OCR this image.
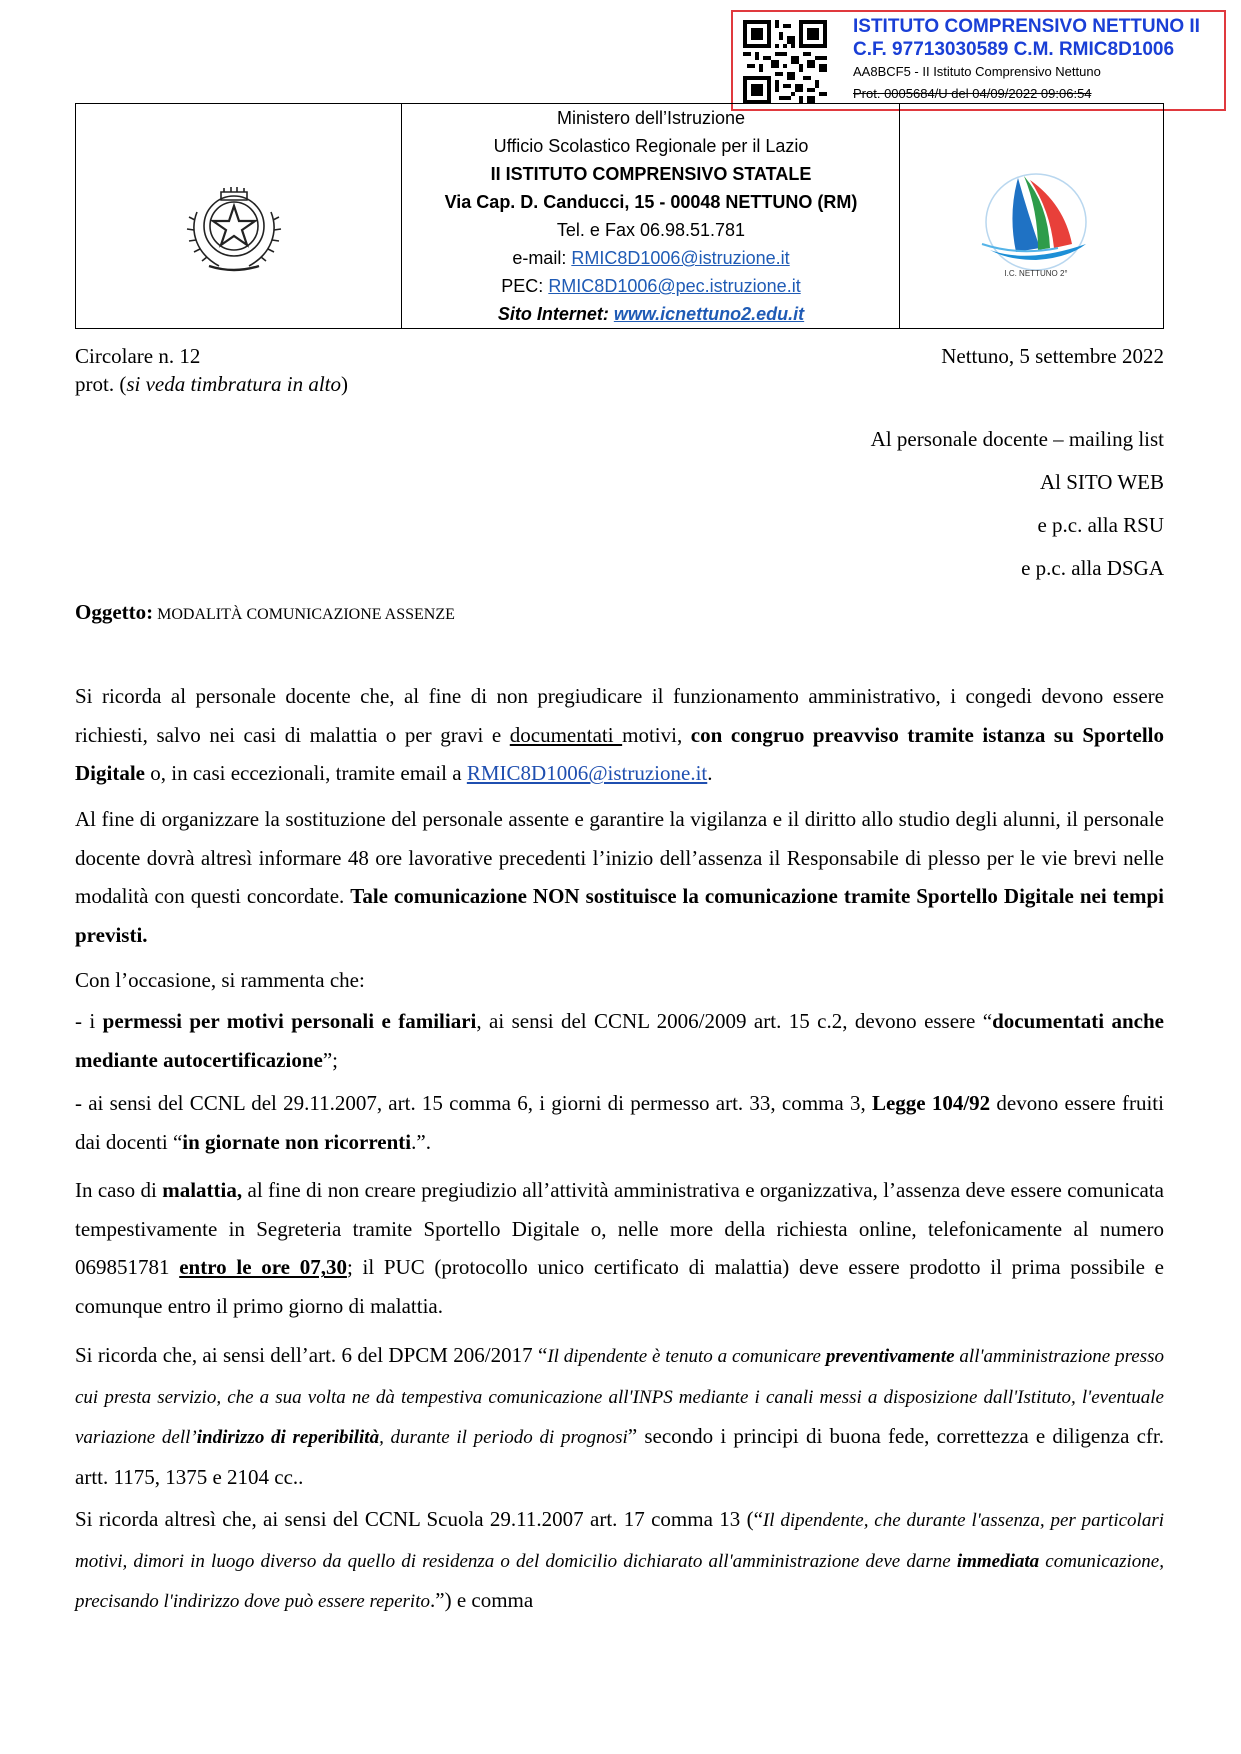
ISTITUTO COMPRENSIVO NETTUNO II
C.F. 97713030589 C.M. RMIC8D1006
AA8BCF5 - II Istituto Comprensivo Nettuno
Prot. 0005684/U del 04/09/2022 09:06:54
Ministero dell’Istruzione
Ufficio Scolastico Regionale per il Lazio
II ISTITUTO COMPRENSIVO STATALE
Via Cap. D. Canducci, 15 - 00048 NETTUNO (RM)
Tel. e Fax 06.98.51.781
e-mail: RMIC8D1006@istruzione.it
PEC: RMIC8D1006@pec.istruzione.it
Sito Internet: www.icnettuno2.edu.it
I.C. NETTUNO 2°
Circolare n. 12
prot. (si veda timbratura in alto)
Nettuno, 5 settembre 2022
Al personale docente – mailing list
Al SITO WEB
e p.c. alla RSU
e p.c. alla DSGA
Oggetto: MODALITÀ COMUNICAZIONE ASSENZE
Si ricorda al personale docente che, al fine di non pregiudicare il funzionamento amministrativo, i congedi devono essere richiesti, salvo nei casi di malattia o per gravi e documentati motivi, con congruo preavviso tramite istanza su Sportello Digitale o, in casi eccezionali, tramite email a RMIC8D1006@istruzione.it.
Al fine di organizzare la sostituzione del personale assente e garantire la vigilanza e il diritto allo studio degli alunni, il personale docente dovrà altresì informare 48 ore lavorative precedenti l’inizio dell’assenza il Responsabile di plesso per le vie brevi nelle modalità con questi concordate. Tale comunicazione NON sostituisce la comunicazione tramite Sportello Digitale nei tempi previsti.
Con l’occasione, si rammenta che:
- i permessi per motivi personali e familiari, ai sensi del CCNL 2006/2009 art. 15 c.2, devono essere “documentati anche mediante autocertificazione”;
- ai sensi del CCNL del 29.11.2007, art. 15 comma 6, i giorni di permesso art. 33, comma 3, Legge 104/92 devono essere fruiti dai docenti “in giornate non ricorrenti.”.
In caso di malattia, al fine di non creare pregiudizio all’attività amministrativa e organizzativa, l’assenza deve essere comunicata tempestivamente in Segreteria tramite Sportello Digitale o, nelle more della richiesta online, telefonicamente al numero 069851781 entro le ore 07,30; il PUC (protocollo unico certificato di malattia) deve essere prodotto il prima possibile e comunque entro il primo giorno di malattia.
Si ricorda che, ai sensi dell’art. 6 del DPCM 206/2017 “Il dipendente è tenuto a comunicare preventivamente all'amministrazione presso cui presta servizio, che a sua volta ne dà tempestiva comunicazione all'INPS mediante i canali messi a disposizione dall'Istituto, l'eventuale variazione dell’indirizzo di reperibilità, durante il periodo di prognosi” secondo i principi di buona fede, correttezza e diligenza cfr. artt. 1175, 1375 e 2104 cc..
Si ricorda altresì che, ai sensi del CCNL Scuola 29.11.2007 art. 17 comma 13 (“Il dipendente, che durante l'assenza, per particolari motivi, dimori in luogo diverso da quello di residenza o del domicilio dichiarato all'amministrazione deve darne immediata comunicazione, precisando l'indirizzo dove può essere reperito.”) e comma
